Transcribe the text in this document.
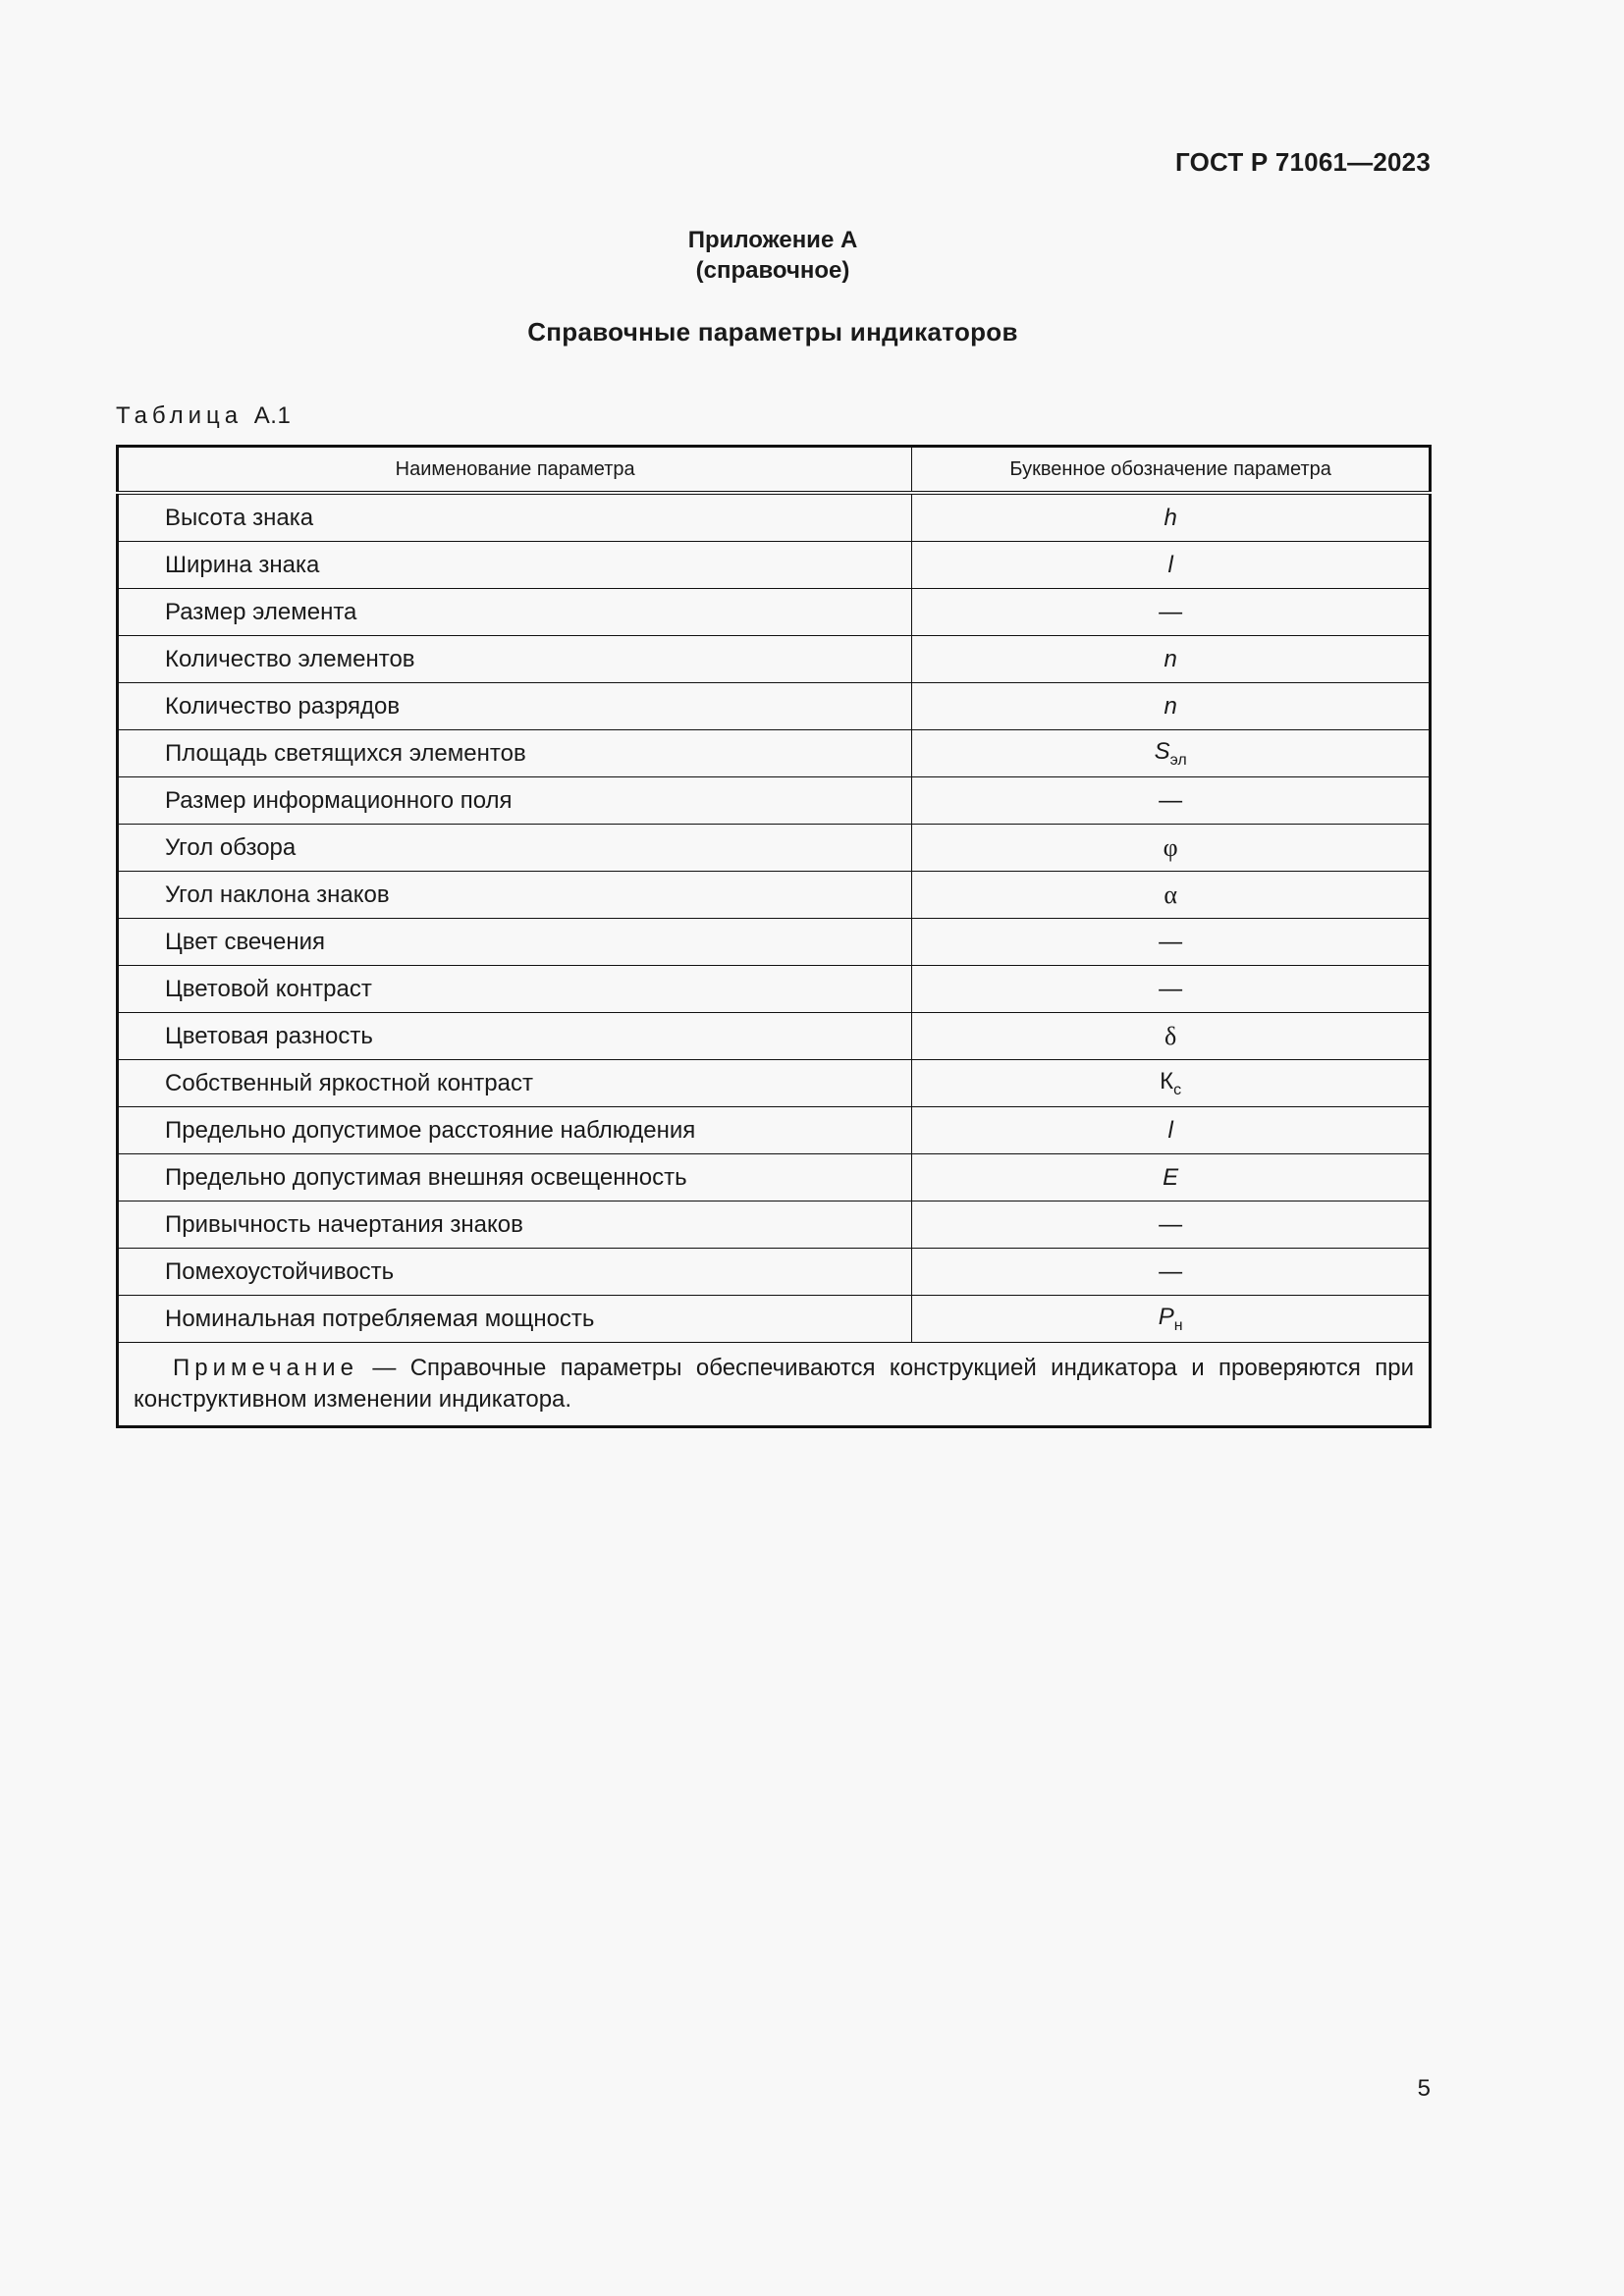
ГОСТ Р 71061—2023
Приложение А
(справочное)
Справочные параметры индикаторов
Таблица А.1
Наименование параметра	Буквенное обозначение параметра
Высота знака	h
Ширина знака	l
Размер элемента	—
Количество элементов	n
Количество разрядов	n
Площадь светящихся элементов	$S_{эл}$
Размер информационного поля	—
Угол обзора	φ
Угол наклона знаков	α
Цвет свечения	—
Цветовой контраст	—
Цветовая разность	δ
Собственный яркостной контраст	$К_с$
Предельно допустимое расстояние наблюдения	l
Предельно допустимая внешняя освещенность	E
Привычность начертания знаков	—
Помехоустойчивость	—
Номинальная потребляемая мощность	$P_н$
Примечание — Справочные параметры обеспечиваются конструкцией индикатора и проверяются при конструктивном изменении индикатора.	
5
